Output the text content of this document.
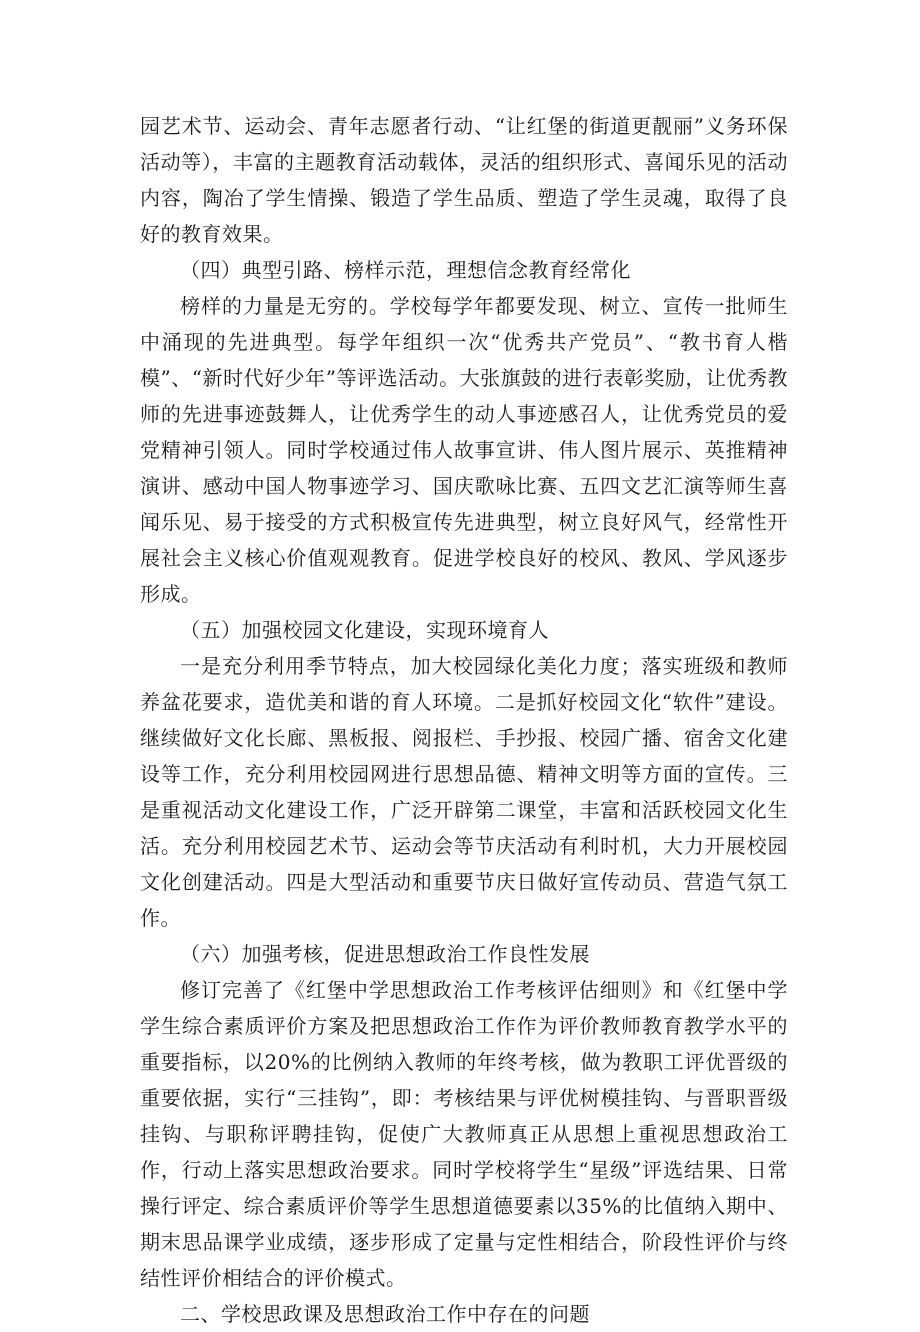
园艺术节、运动会、青年志愿者行动、“让红堡的街道更靓丽”义务环保活动等），丰富的主题教育活动载体，灵活的组织形式、喜闻乐见的活动内容，陶冶了学生情操、锻造了学生品质、塑造了学生灵魂，取得了良好的教育效果。

（四）典型引路、榜样示范，理想信念教育经常化

榜样的力量是无穷的。学校每学年都要发现、树立、宣传一批师生中涌现的先进典型。每学年组织一次“优秀共产党员”、“教书育人楷模”、“新时代好少年”等评选活动。大张旗鼓的进行表彰奖励，让优秀教师的先进事迹鼓舞人，让优秀学生的动人事迹感召人，让优秀党员的爱党精神引领人。同时学校通过伟人故事宣讲、伟人图片展示、英推精神演讲、感动中国人物事迹学习、国庆歌咏比赛、五四文艺汇演等师生喜闻乐见、易于接受的方式积极宣传先进典型，树立良好风气，经常性开展社会主义核心价值观观教育。促进学校良好的校风、教风、学风逐步形成。

（五）加强校园文化建设，实现环境育人

一是充分利用季节特点，加大校园绿化美化力度；落实班级和教师养盆花要求，造优美和谐的育人环境。二是抓好校园文化“软件”建设。继续做好文化长廊、黑板报、阅报栏、手抄报、校园广播、宿舍文化建设等工作，充分利用校园网进行思想品德、精神文明等方面的宣传。三是重视活动文化建设工作，广泛开辟第二课堂，丰富和活跃校园文化生活。充分利用校园艺术节、运动会等节庆活动有利时机，大力开展校园文化创建活动。四是大型活动和重要节庆日做好宣传动员、营造气氛工作。

（六）加强考核，促进思想政治工作良性发展

修订完善了《红堡中学思想政治工作考核评估细则》和《红堡中学学生综合素质评价方案及把思想政治工作作为评价教师教育教学水平的重要指标，以20%的比例纳入教师的年终考核，做为教职工评优晋级的重要依据，实行“三挂钩”，即：考核结果与评优树模挂钩、与晋职晋级挂钩、与职称评聘挂钩，促使广大教师真正从思想上重视思想政治工作，行动上落实思想政治要求。同时学校将学生“星级”评选结果、日常操行评定、综合素质评价等学生思想道德要素以35%的比值纳入期中、期末思品课学业成绩，逐步形成了定量与定性相结合，阶段性评价与终结性评价相结合的评价模式。

二、学校思政课及思想政治工作中存在的问题
